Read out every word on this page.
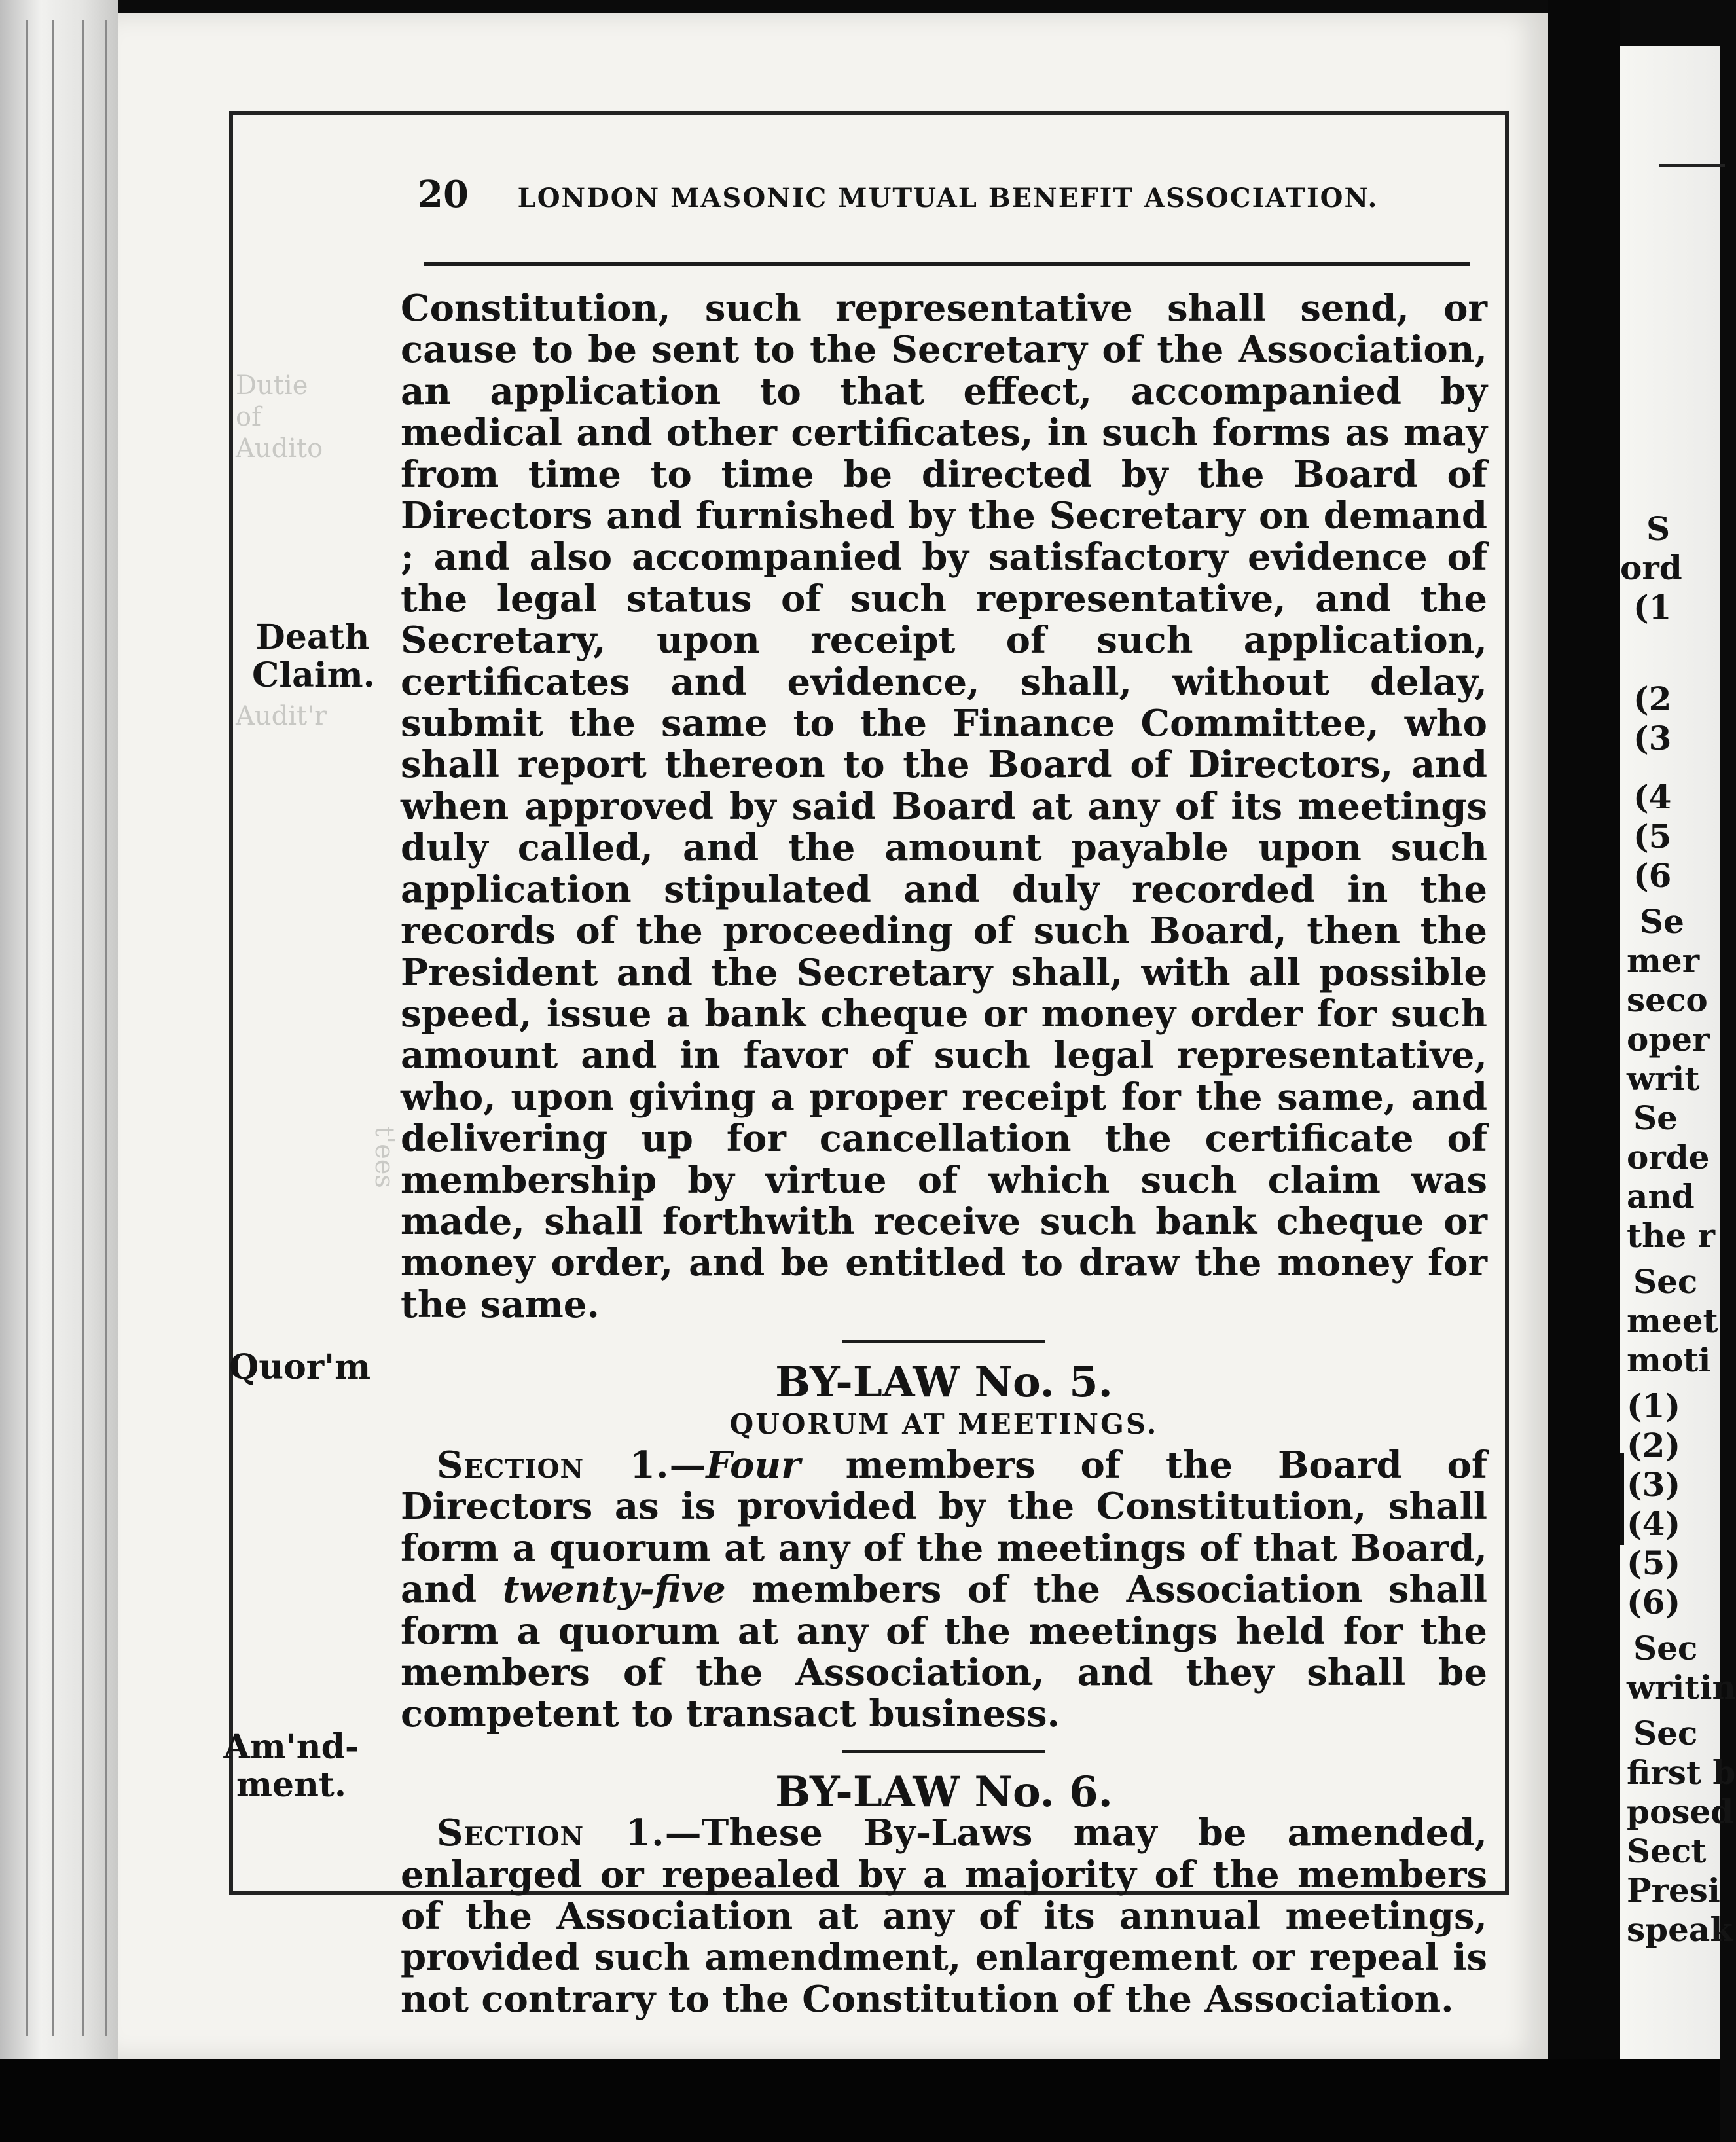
Dutie
of
Audito
Audit'r
t'ees
20 LONDON MASONIC MUTUAL BENEFIT ASSOCIATION.

Constitution, such representative shall send, or cause to be sent to the Secretary of the Association, an application to that effect, accompanied by medical and other certificates, in such forms as may from time to time be directed by the Board of Directors and furnished by the Secretary on demand ; and also accompanied by satisfactory evidence of the legal status of such representative, and the Secretary, upon receipt of such application, certificates and evidence, shall, without delay, submit the same to the Finance Committee, who shall report thereon to the Board of Directors, and when approved by said Board at any of its meetings duly called, and the amount payable upon such application stipulated and duly recorded in the records of the proceeding of such Board, then the President and the Secretary shall, with all possible speed, issue a bank cheque or money order for such amount and in favor of such legal representative, who, upon giving a proper receipt for the same, and delivering up for cancellation the certificate of membership by virtue of which such claim was made, shall forthwith receive such bank cheque or money order, and be entitled to draw the money for the same.

BY-LAW No. 5.

QUORUM AT MEETINGS.

Section 1.—Four members of the Board of Directors as is provided by the Constitution, shall form a quorum at any of the meetings of that Board, and twenty-five members of the Association shall form a quorum at any of the meetings held for the members of the Association, and they shall be competent to transact business.

BY-LAW No. 6.

Section 1.—These By-Laws may be amended, enlarged or repealed by a majority of the members of the Association at any of its annual meetings, provided such amendment, enlargement or repeal is not contrary to the Constitution of the Association.

Death
Claim.
Quor'm
Am'nd-
ment.
S
ord
(1
(2
(3
(4
(5
(6
Se
mer
seco
oper
writ
Se
orde
and
the r
Sec
meet
moti
(1)
(2)
(3)
(4)
(5)
(6)
Sec
writin
Sec
first b
posed
Sect
Presi
speak
